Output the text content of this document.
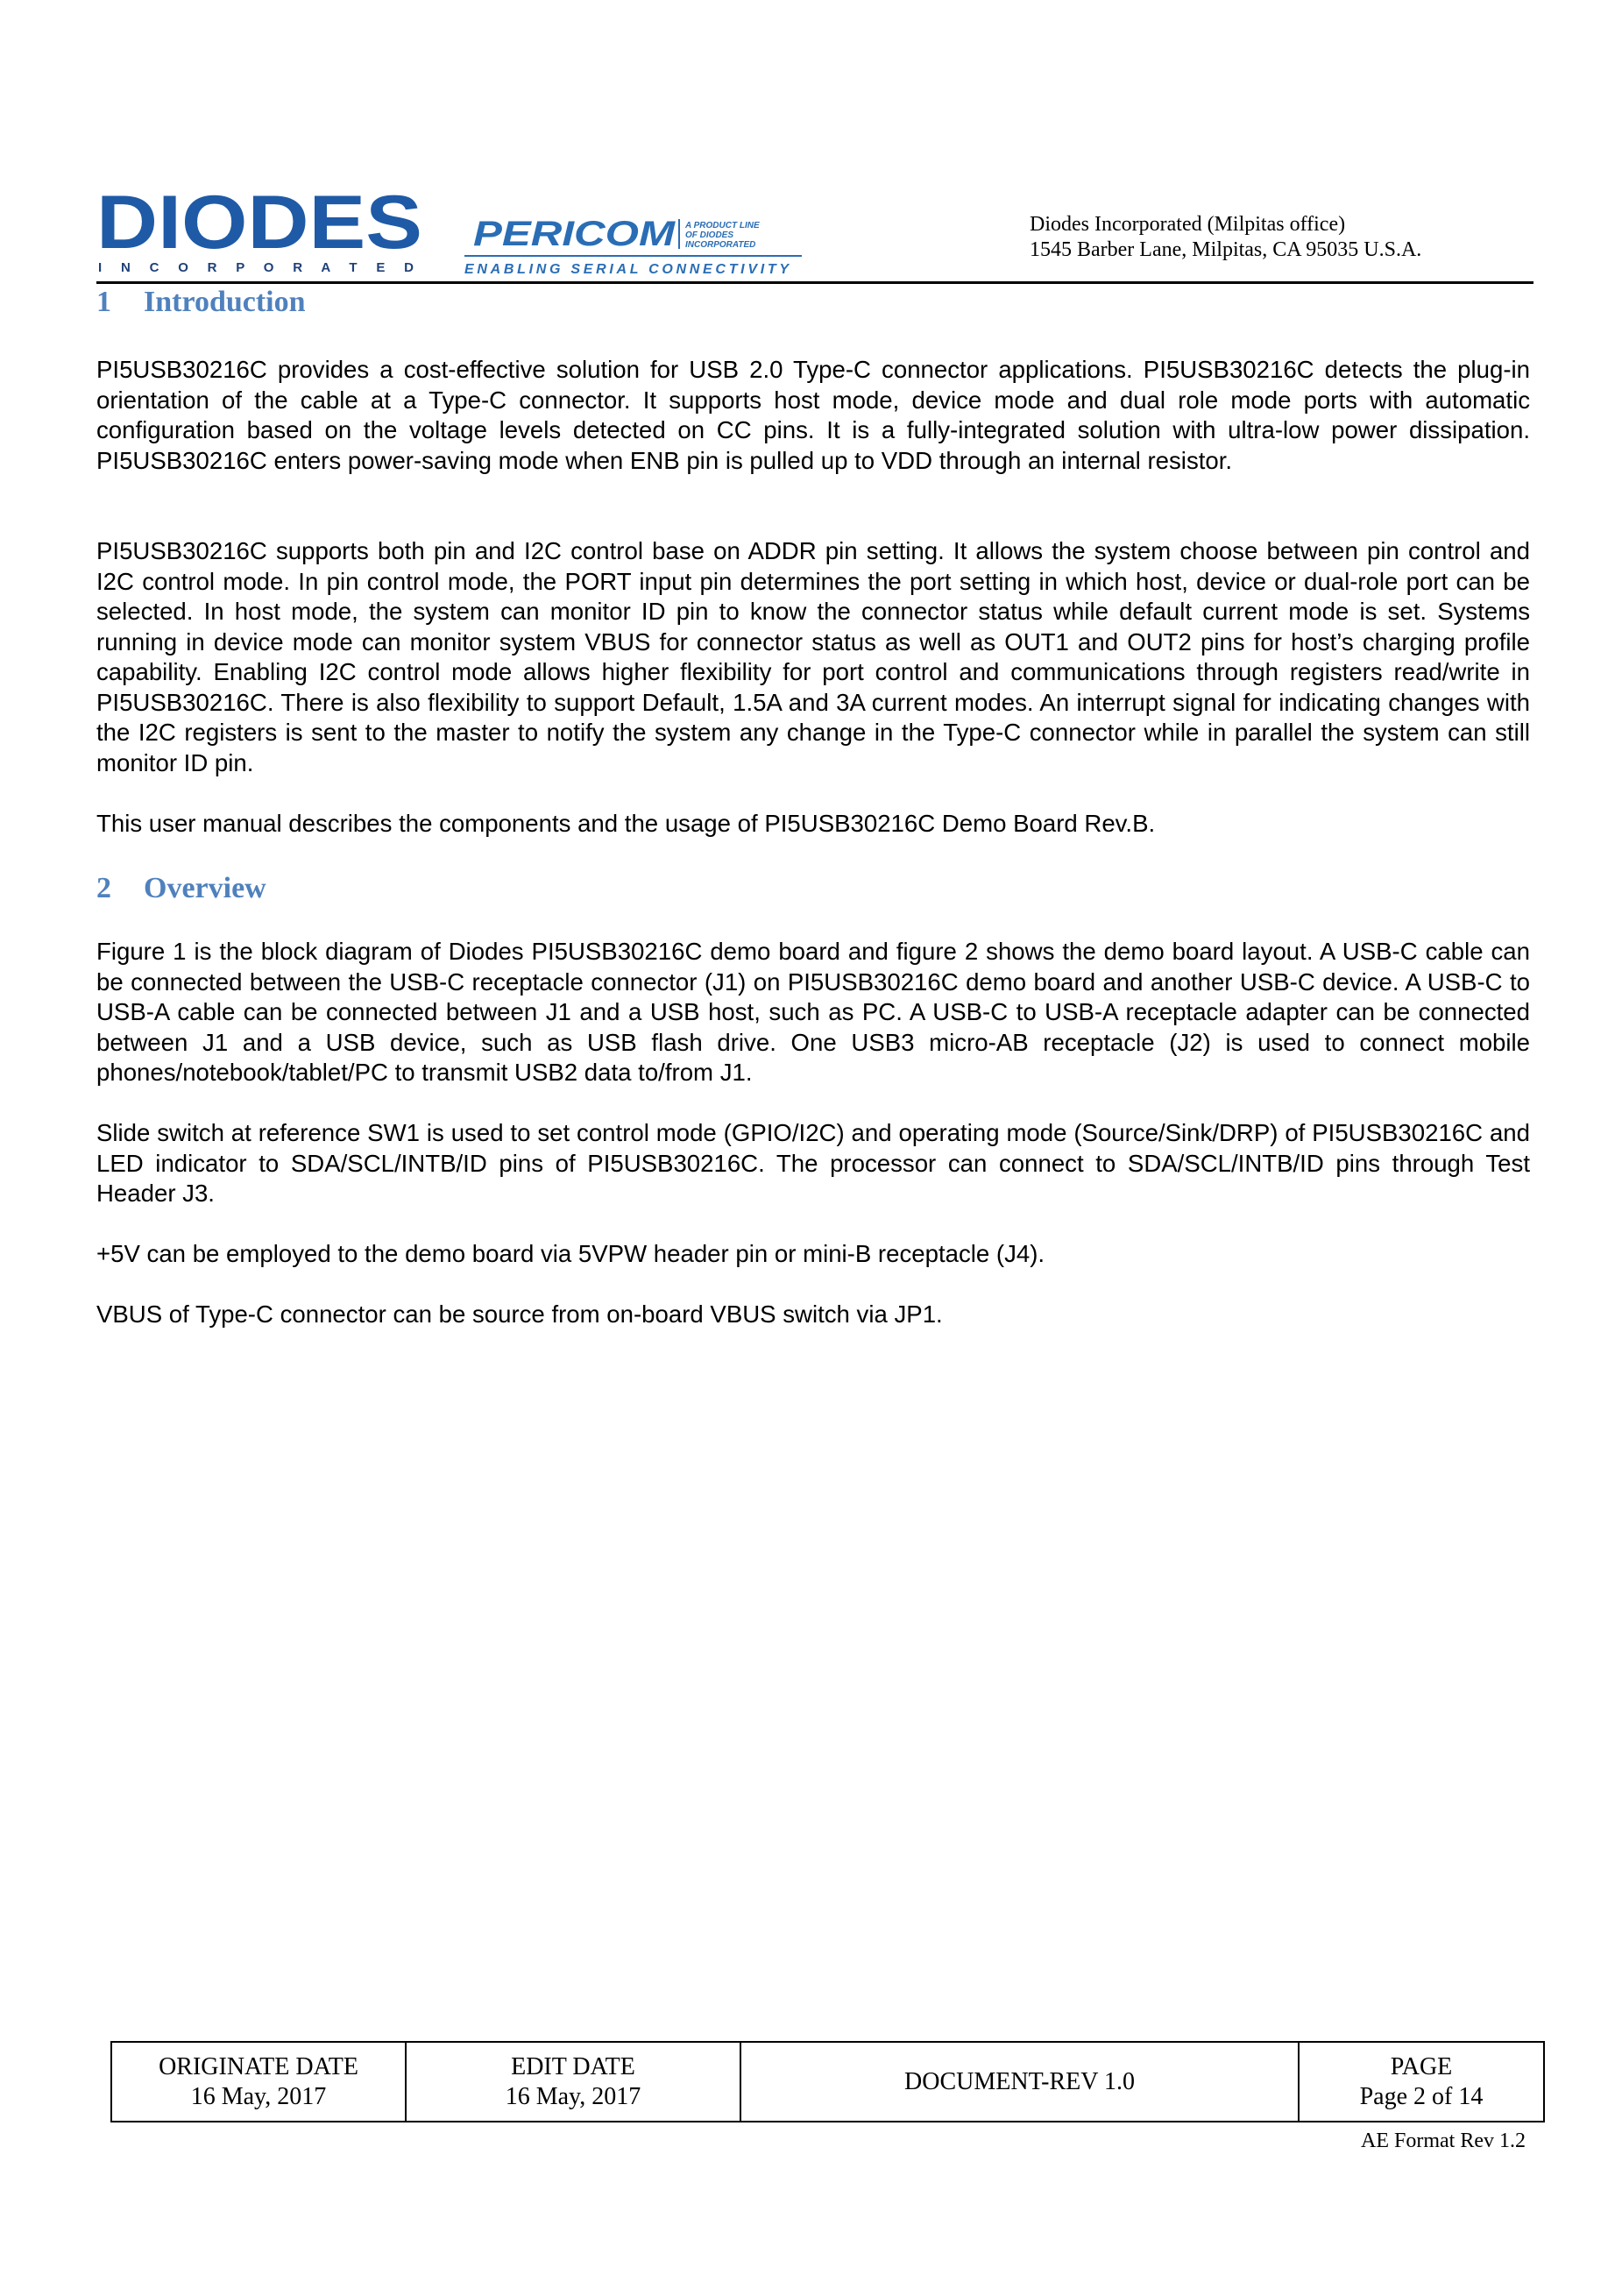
DIODES
I N C O R P O R A T E D
PERICOM A PRODUCT LINE
OF DIODES
INCORPORATED
ENABLING SERIAL CONNECTIVITY
Diodes Incorporated (Milpitas office)
1545 Barber Lane, Milpitas, CA 95035 U.S.A.
1 Introduction

PI5USB30216C provides a cost-effective solution for USB 2.0 Type-C connector applications. PI5USB30216C detects the plug-in orientation of the cable at a Type-C connector. It supports host mode, device mode and dual role mode ports with automatic configuration based on the voltage levels detected on CC pins. It is a fully-integrated solution with ultra-low power dissipation. PI5USB30216C enters power-saving mode when ENB pin is pulled up to VDD through an internal resistor.

PI5USB30216C supports both pin and I2C control base on ADDR pin setting. It allows the system choose between pin control and I2C control mode. In pin control mode, the PORT input pin determines the port setting in which host, device or dual-role port can be selected. In host mode, the system can monitor ID pin to know the connector status while default current mode is set. Systems running in device mode can monitor system VBUS for connector status as well as OUT1 and OUT2 pins for host’s charging profile capability. Enabling I2C control mode allows higher flexibility for port control and communications through registers read/write in PI5USB30216C. There is also flexibility to support Default, 1.5A and 3A current modes. An interrupt signal for indicating changes with the I2C registers is sent to the master to notify the system any change in the Type-C connector while in parallel the system can still monitor ID pin.

This user manual describes the components and the usage of PI5USB30216C Demo Board Rev.B.

2 Overview

Figure 1 is the block diagram of Diodes PI5USB30216C demo board and figure 2 shows the demo board layout. A USB-C cable can be connected between the USB-C receptacle connector (J1) on PI5USB30216C demo board and another USB-C device. A USB-C to USB-A cable can be connected between J1 and a USB host, such as PC. A USB-C to USB-A receptacle adapter can be connected between J1 and a USB device, such as USB flash drive. One USB3 micro-AB receptacle (J2) is used to connect mobile phones/notebook/tablet/PC to transmit USB2 data to/from J1.

Slide switch at reference SW1 is used to set control mode (GPIO/I2C) and operating mode (Source/Sink/DRP) of PI5USB30216C and LED indicator to SDA/SCL/INTB/ID pins of PI5USB30216C. The processor can connect to SDA/SCL/INTB/ID pins through Test Header J3.

+5V can be employed to the demo board via 5VPW header pin or mini-B receptacle (J4).

VBUS of Type-C connector can be source from on-board VBUS switch via JP1.

ORIGINATE DATE
16 May, 2017

EDIT DATE
16 May, 2017

DOCUMENT-REV 1.0

PAGE
Page 2 of 14
AE Format Rev 1.2
